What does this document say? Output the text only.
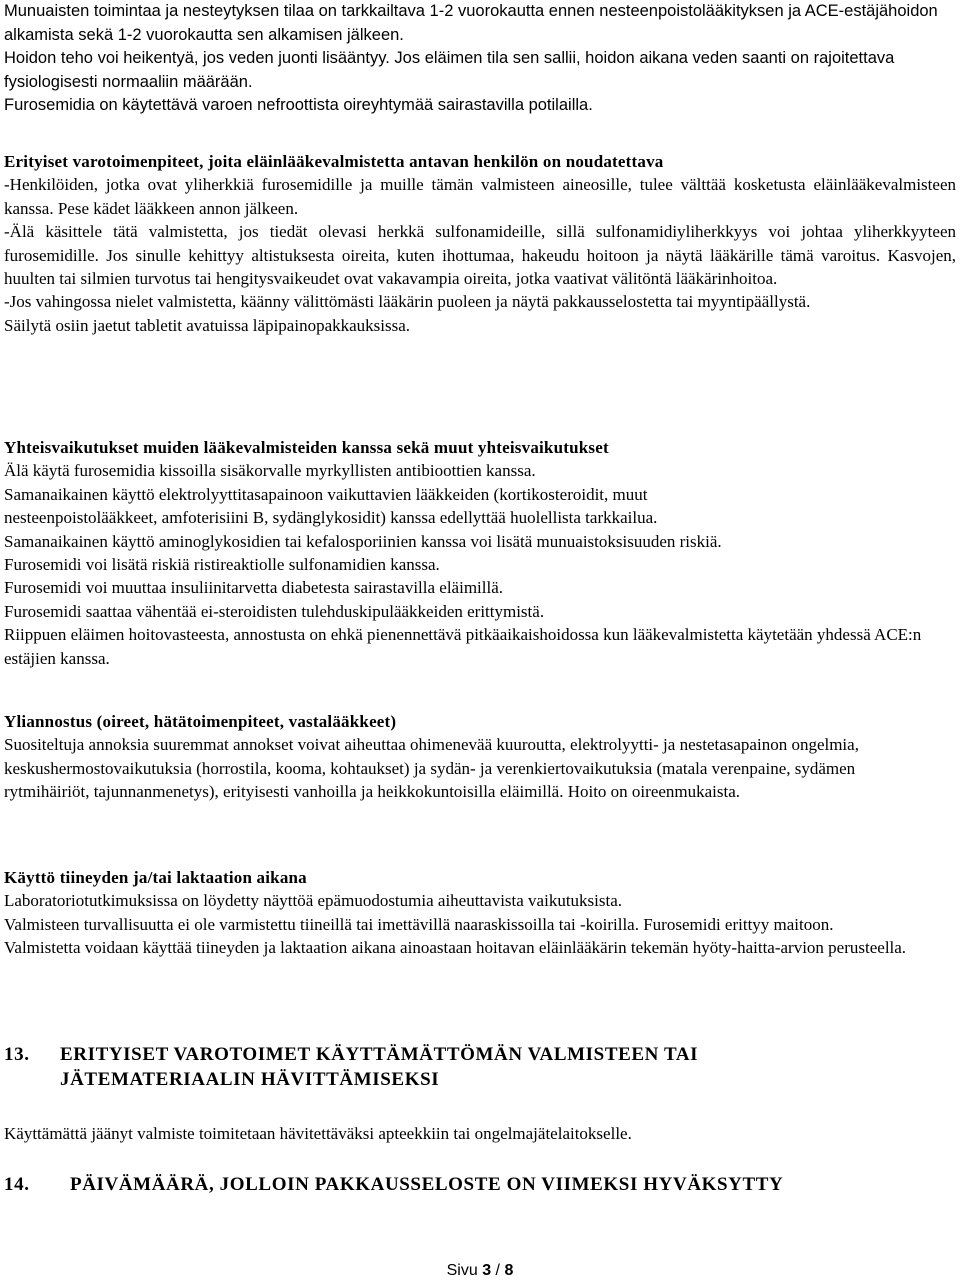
Munuaisten toimintaa ja nesteytyksen tilaa on tarkkailtava 1-2 vuorokautta ennen nesteenpoistolääkityksen ja ACE-estäjähoidon alkamista sekä 1-2 vuorokautta sen alkamisen jälkeen.

Hoidon teho voi heikentyä, jos veden juonti lisääntyy. Jos eläimen tila sen sallii, hoidon aikana veden saanti on rajoitettava fysiologisesti normaaliin määrään.

Furosemidia on käytettävä varoen nefroottista oireyhtymää sairastavilla potilailla.

Erityiset varotoimenpiteet, joita eläinlääkevalmistetta antavan henkilön on noudatettava

-Henkilöiden, jotka ovat yliherkkiä furosemidille ja muille tämän valmisteen aineosille, tulee välttää kosketusta eläinlääkevalmisteen kanssa. Pese kädet lääkkeen annon jälkeen.

-Älä käsittele tätä valmistetta, jos tiedät olevasi herkkä sulfonamideille, sillä sulfonamidiyliherkkyys voi johtaa yliherkkyyteen furosemidille. Jos sinulle kehittyy altistuksesta oireita, kuten ihottumaa, hakeudu hoitoon ja näytä lääkärille tämä varoitus. Kasvojen, huulten tai silmien turvotus tai hengitysvaikeudet ovat vakavampia oireita, jotka vaativat välitöntä lääkärinhoitoa.

-Jos vahingossa nielet valmistetta, käänny välittömästi lääkärin puoleen ja näytä pakkausselostetta tai myyntipäällystä.

Säilytä osiin jaetut tabletit avatuissa läpipainopakkauksissa.

Yhteisvaikutukset muiden lääkevalmisteiden kanssa sekä muut yhteisvaikutukset

Älä käytä furosemidia kissoilla sisäkorvalle myrkyllisten antibioottien kanssa.

Samanaikainen käyttö elektrolyyttitasapainoon vaikuttavien lääkkeiden (kortikosteroidit, muut nesteenpoistolääkkeet, amfoterisiini B, sydänglykosidit) kanssa edellyttää huolellista tarkkailua.

Samanaikainen käyttö aminoglykosidien tai kefalosporiinien kanssa voi lisätä munuaistoksisuuden riskiä.

Furosemidi voi lisätä riskiä ristireaktiolle sulfonamidien kanssa.

Furosemidi voi muuttaa insuliinitarvetta diabetesta sairastavilla eläimillä.

Furosemidi saattaa vähentää ei-steroidisten tulehduskipulääkkeiden erittymistä.

Riippuen eläimen hoitovasteesta, annostusta on ehkä pienennettävä pitkäaikaishoidossa kun lääkevalmistetta käytetään yhdessä ACE:n estäjien kanssa.

Yliannostus (oireet, hätätoimenpiteet, vastalääkkeet)

Suositeltuja annoksia suuremmat annokset voivat aiheuttaa ohimenevää kuuroutta, elektrolyytti- ja nestetasapainon ongelmia, keskushermostovaikutuksia (horrostila, kooma, kohtaukset) ja sydän- ja verenkiertovaikutuksia (matala verenpaine, sydämen rytmihäiriöt, tajunnanmenetys), erityisesti vanhoilla ja heikkokuntoisilla eläimillä. Hoito on oireenmukaista.

Käyttö tiineyden ja/tai laktaation aikana

Laboratoriotutkimuksissa on löydetty näyttöä epämuodostumia aiheuttavista vaikutuksista.

Valmisteen turvallisuutta ei ole varmistettu tiineillä tai imettävillä naaraskissoilla tai -koirilla. Furosemidi erittyy maitoon.

Valmistetta voidaan käyttää tiineyden ja laktaation aikana ainoastaan hoitavan eläinlääkärin tekemän hyöty-haitta-arvion perusteella.

13. ERITYISET VAROTOIMET KÄYTTÄMÄTTÖMÄN VALMISTEEN TAI
JÄTEMATERIAALIN HÄVITTÄMISEKSI

Käyttämättä jäänyt valmiste toimitetaan hävitettäväksi apteekkiin tai ongelmajätelaitokselle.

14. PÄIVÄMÄÄRÄ, JOLLOIN PAKKAUSSELOSTE ON VIIMEKSI HYVÄKSYTTY
Sivu 3 / 8
